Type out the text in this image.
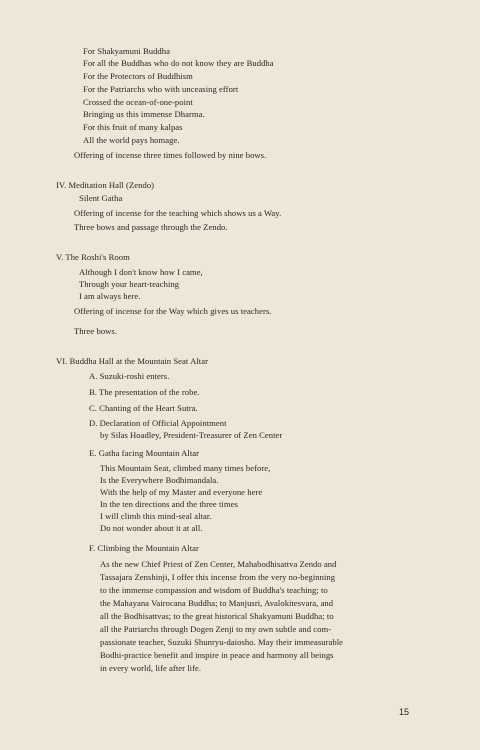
For Shakyamuni Buddha
For all the Buddhas who do not know they are Buddha
For the Protectors of Buddhism
For the Patriarchs who with unceasing effort
Crossed the ocean-of-one-point
Bringing us this immense Dharma.
For this fruit of many kalpas
All the world pays homage.
Offering of incense three times followed by nine bows.
IV. Meditation Hall (Zendo)
Silent Gatha
Offering of incense for the teaching which shows us a Way.
Three bows and passage through the Zendo.
V. The Roshi's Room
Although I don't know how I came,
Through your heart-teaching
I am always here.
Offering of incense for the Way which gives us teachers.
Three bows.
VI. Buddha Hall at the Mountain Seat Altar
A. Suzuki-roshi enters.
B. The presentation of the robe.
C. Chanting of the Heart Sutra.
D. Declaration of Official Appointment
by Silas Hoadley, President-Treasurer of Zen Center
E. Gatha facing Mountain Altar
This Mountain Seat, climbed many times before,
Is the Everywhere Bodhimandala.
With the help of my Master and everyone here
In the ten directions and the three times
I will climb this mind-seal altar.
Do not wonder about it at all.
F. Climbing the Mountain Altar
As the new Chief Priest of Zen Center, Mahabodhisattva Zendo and
Tassajara Zenshinji, I offer this incense from the very no-beginning
to the immense compassion and wisdom of Buddha's teaching; to
the Mahayana Vairocana Buddha; to Manjusri, Avalokitesvara, and
all the Bodhisattvas; to the great historical Shakyamuni Buddha; to
all the Patriarchs through Dogen Zenji to my own subtle and com-
passionate teacher, Suzuki Shunryu-daiosho. May their immeasurable
Bodhi-practice benefit and inspire in peace and harmony all beings
in every world, life after life.
15
